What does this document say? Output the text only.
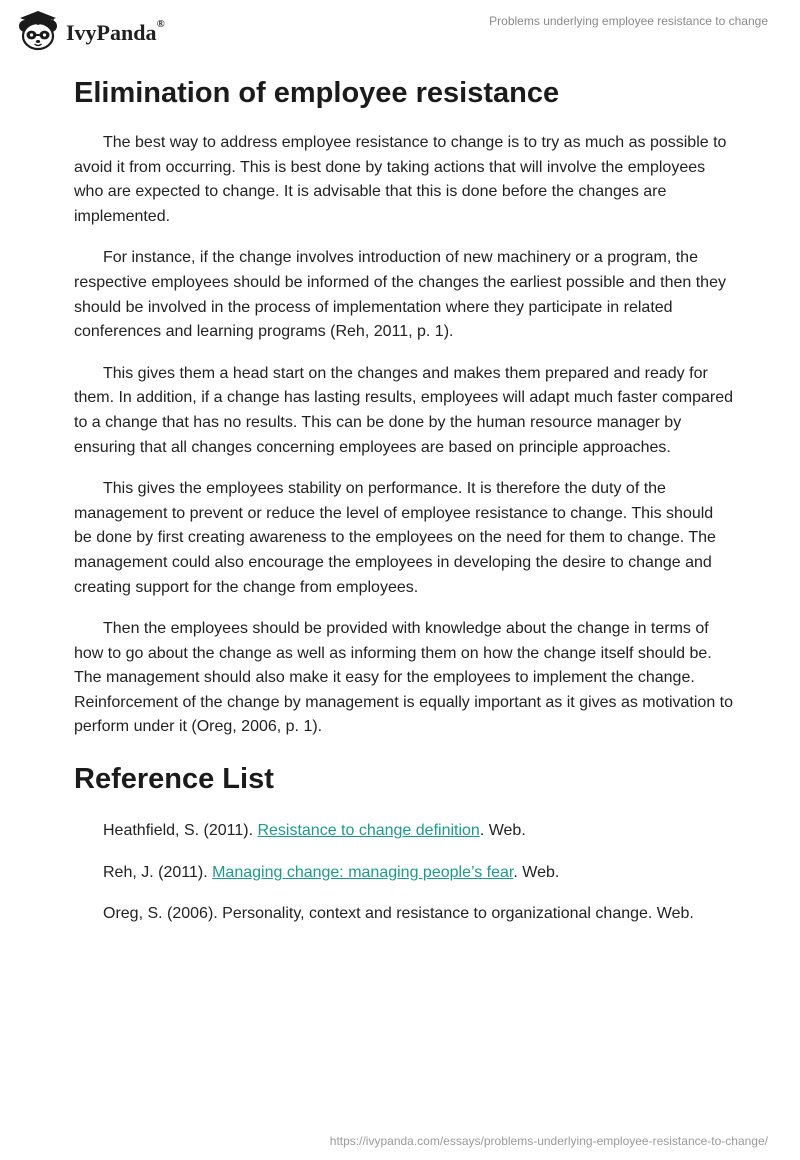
IvyPanda®	Problems underlying employee resistance to change
Elimination of employee resistance

The best way to address employee resistance to change is to try as much as possible to avoid it from occurring. This is best done by taking actions that will involve the employees who are expected to change. It is advisable that this is done before the changes are implemented.

For instance, if the change involves introduction of new machinery or a program, the respective employees should be informed of the changes the earliest possible and then they should be involved in the process of implementation where they participate in related conferences and learning programs (Reh, 2011, p. 1).

This gives them a head start on the changes and makes them prepared and ready for them. In addition, if a change has lasting results, employees will adapt much faster compared to a change that has no results. This can be done by the human resource manager by ensuring that all changes concerning employees are based on principle approaches.

This gives the employees stability on performance. It is therefore the duty of the management to prevent or reduce the level of employee resistance to change. This should be done by first creating awareness to the employees on the need for them to change. The management could also encourage the employees in developing the desire to change and creating support for the change from employees.

Then the employees should be provided with knowledge about the change in terms of how to go about the change as well as informing them on how the change itself should be. The management should also make it easy for the employees to implement the change. Reinforcement of the change by management is equally important as it gives as motivation to perform under it (Oreg, 2006, p. 1).

Reference List
Heathfield, S. (2011). Resistance to change definition. Web.
Reh, J. (2011). Managing change: managing people’s fear. Web.
Oreg, S. (2006). Personality, context and resistance to organizational change. Web.
https://ivypanda.com/essays/problems-underlying-employee-resistance-to-change/
